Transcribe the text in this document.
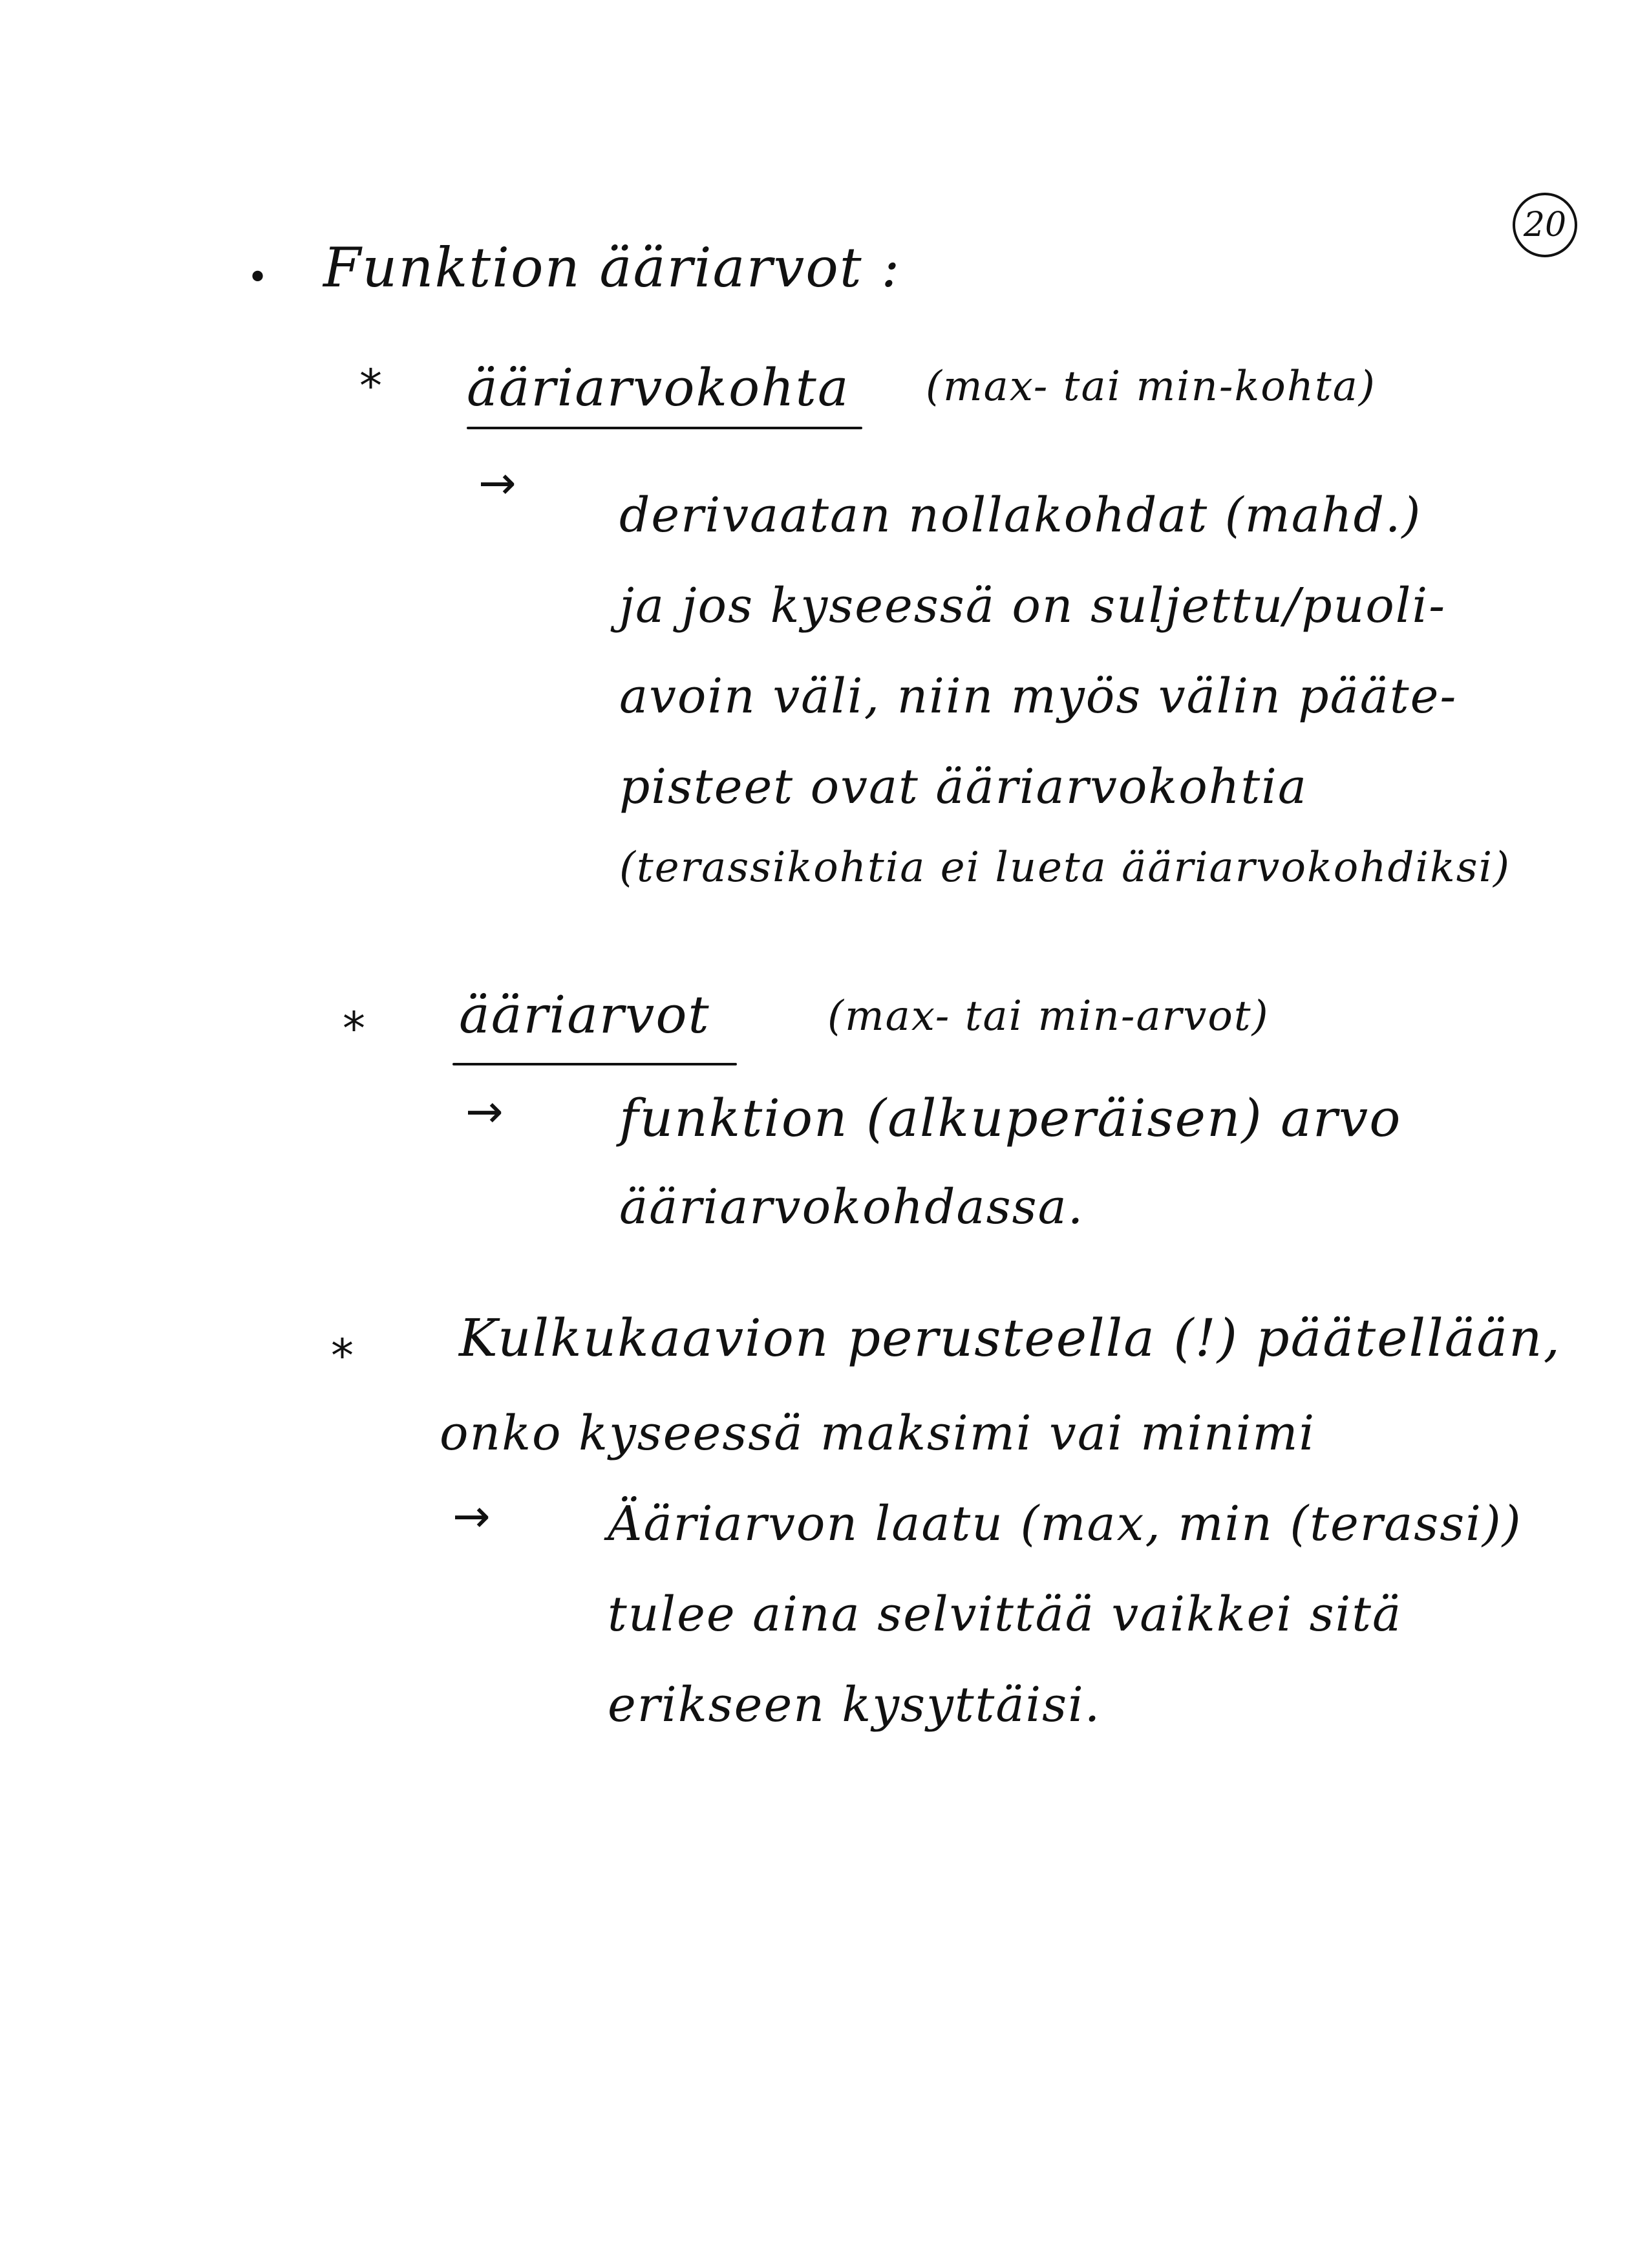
20
• Funktion ääriarvot :
* ääriarvokohta (max- tai min-kohta)
→
derivaatan nollakohdat (mahd.)
ja jos kyseessä on suljettu/puoli-
avoin väli, niin myös välin pääte-
pisteet ovat ääriarvokohtia
(terassikohtia ei lueta ääriarvokohdiksi)
* ääriarvot	(max- tai min-arvot)
→ funktion (alkuperäisen) arvo
ääriarvokohdassa.
* Kulkukaavion perusteella (!) päätellään,
onko kyseessä maksimi vai minimi
→ Ääriarvon laatu (max, min (terassi))
tulee aina selvittää vaikkei sitä
erikseen kysyttäisi.
